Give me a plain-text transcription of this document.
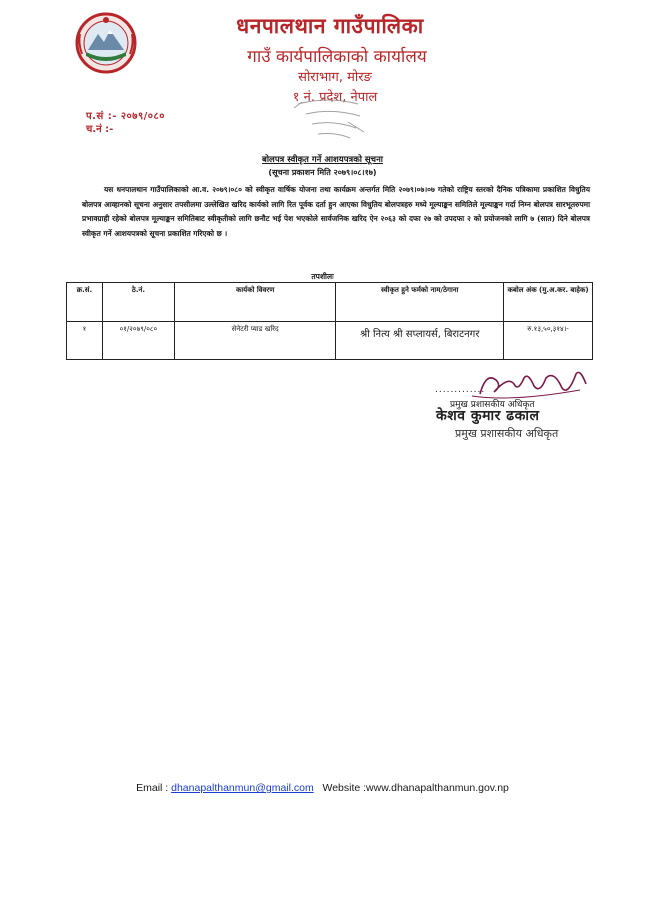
धनपालथान गाउँपालिका
गाउँ कार्यपालिकाको कार्यालय
सोराभाग, मोरङ
१ नं. प्रदेश, नेपाल
प.सं :- २०७९/०८०
च.नं :-
बोलपत्र स्वीकृत गर्ने आशयपत्रको सूचना
(सूचना प्रकाशन मिति २०७९।०८।१७)
यस धनपालथान गाउँपालिकाको आ.व. २०७९।०८० को स्वीकृत वार्षिक योजना तथा कार्यक्रम अन्तर्गत मिति २०७९।०७।०७ गतेको राष्ट्रिय स्तरको दैनिक पत्रिकामा प्रकाशित विधुतिय बोलपत्र आव्हानको सूचना अनुसार तपसीलमा उल्लेखित खरिद कार्यको लागि रित पूर्वक दर्ता हुन आएका विधुतिय बोलपत्रहरु मध्ये मूल्याङ्कन समितिले मूल्याङ्कन गर्दा निम्न बोलपत्र सारभूतरुपमा प्रभावग्राही रहेको बोलपत्र मूल्याङ्कन समितिबाट स्वीकृतीको लागि छनौट भई पेश भएकोले सार्वजनिक खरिद ऐन २०६३ को दफा २७ को उपदफा २ को प्रयोजनको लागि ७ (सात) दिने बोलपत्र स्वीकृत गर्ने आशयपत्रको सूचना प्रकाशित गरिएको छ ।
तपशीलः
क्र.सं.	ठे.नं.	कार्यको विवरण	स्वीकृत हुने फर्मको नाम/ठेगाना	कबोल अंक (मु.अ.कर. बाहेक)
१	०१/२०७९/०८०	सेनेटरी प्याड खरिद	श्री नित्य श्री सप्लायर्स, बिराटनगर	रु.१३,५०,३१४।-
.............
प्रमुख प्रशासकीय अधिकृत
केशव कुमार ढकाल
प्रमुख प्रशासकीय अधिकृत
Email : dhanapalthanmun@gmail.com Website :www.dhanapalthanmun.gov.np
